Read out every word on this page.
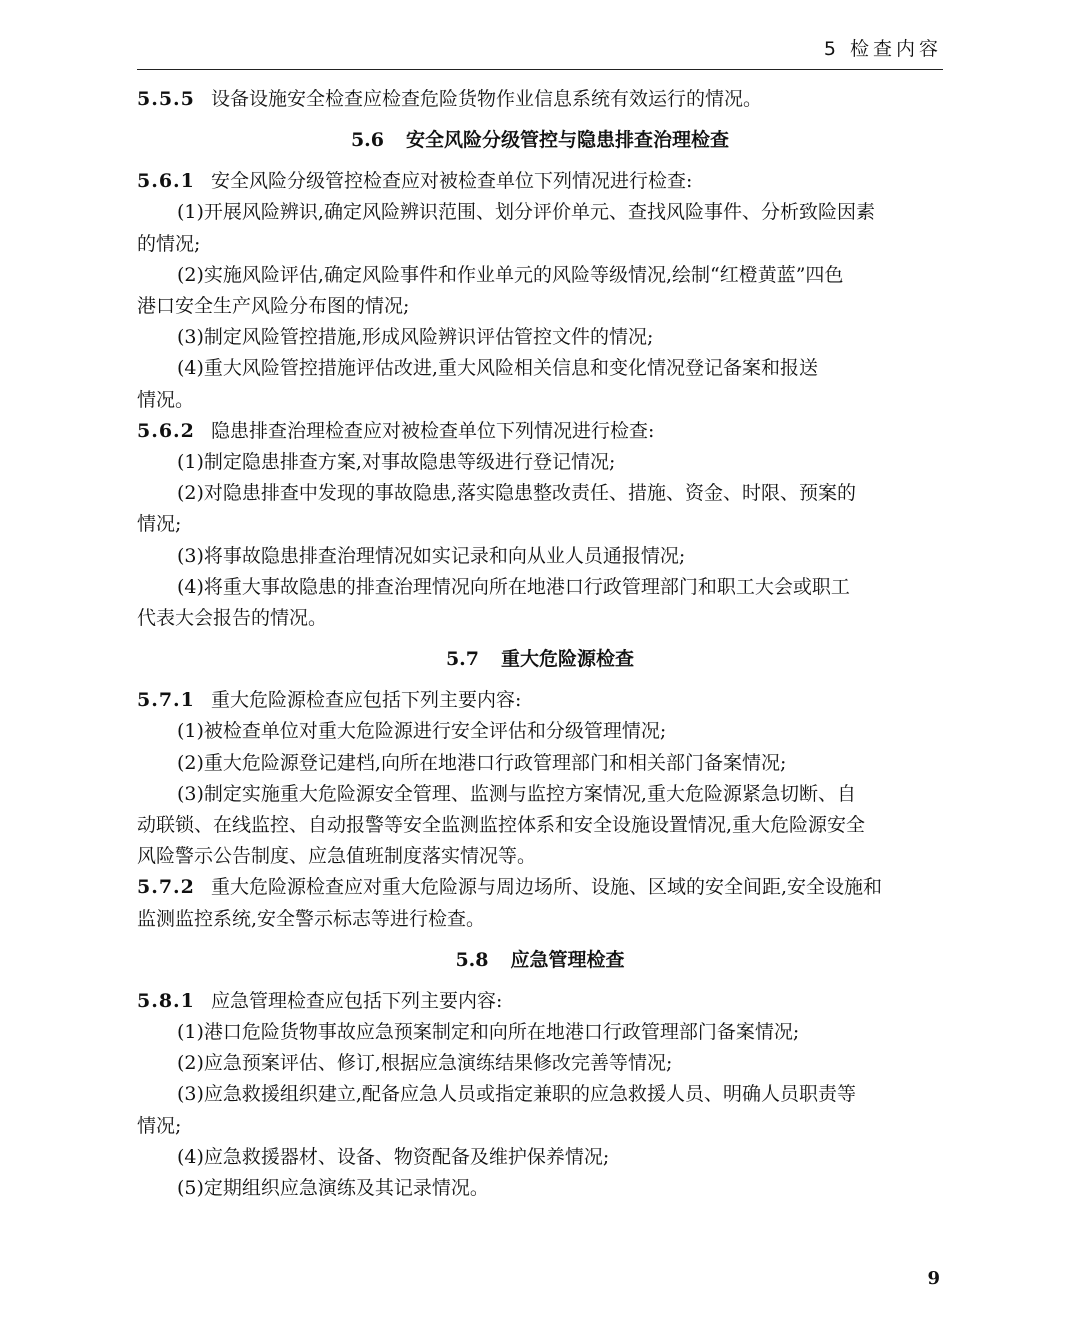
5 检查内容
5.5.5 设备设施安全检查应检查危险货物作业信息系统有效运行的情况。
5.6 安全风险分级管控与隐患排查治理检查
5.6.1 安全风险分级管控检查应对被检查单位下列情况进行检查:
(1)开展风险辨识,确定风险辨识范围、划分评价单元、查找风险事件、分析致险因素
的情况;
(2)实施风险评估,确定风险事件和作业单元的风险等级情况,绘制“红橙黄蓝”四色
港口安全生产风险分布图的情况;
(3)制定风险管控措施,形成风险辨识评估管控文件的情况;
(4)重大风险管控措施评估改进,重大风险相关信息和变化情况登记备案和报送
情况。
5.6.2 隐患排查治理检查应对被检查单位下列情况进行检查:
(1)制定隐患排查方案,对事故隐患等级进行登记情况;
(2)对隐患排查中发现的事故隐患,落实隐患整改责任、措施、资金、时限、预案的
情况;
(3)将事故隐患排查治理情况如实记录和向从业人员通报情况;
(4)将重大事故隐患的排查治理情况向所在地港口行政管理部门和职工大会或职工
代表大会报告的情况。
5.7 重大危险源检查
5.7.1 重大危险源检查应包括下列主要内容:
(1)被检查单位对重大危险源进行安全评估和分级管理情况;
(2)重大危险源登记建档,向所在地港口行政管理部门和相关部门备案情况;
(3)制定实施重大危险源安全管理、监测与监控方案情况,重大危险源紧急切断、自
动联锁、在线监控、自动报警等安全监测监控体系和安全设施设置情况,重大危险源安全
风险警示公告制度、应急值班制度落实情况等。
5.7.2 重大危险源检查应对重大危险源与周边场所、设施、区域的安全间距,安全设施和
监测监控系统,安全警示标志等进行检查。
5.8 应急管理检查
5.8.1 应急管理检查应包括下列主要内容:
(1)港口危险货物事故应急预案制定和向所在地港口行政管理部门备案情况;
(2)应急预案评估、修订,根据应急演练结果修改完善等情况;
(3)应急救援组织建立,配备应急人员或指定兼职的应急救援人员、明确人员职责等
情况;
(4)应急救援器材、设备、物资配备及维护保养情况;
(5)定期组织应急演练及其记录情况。
9
